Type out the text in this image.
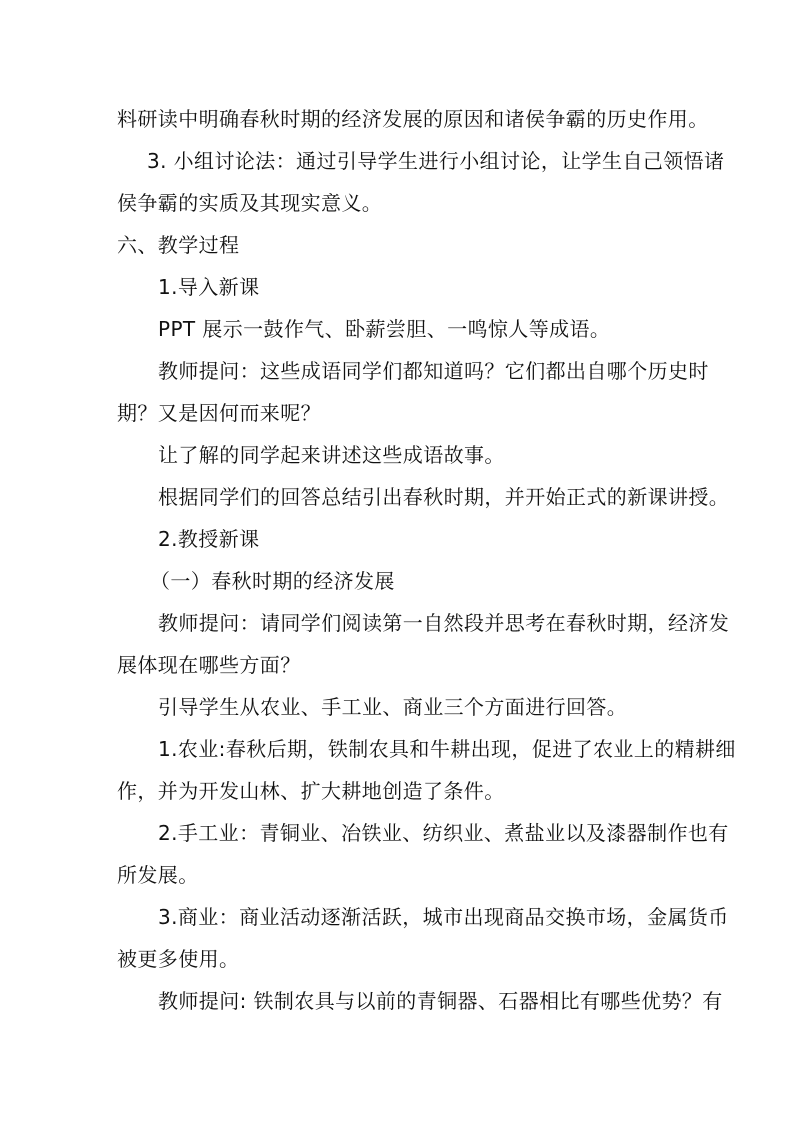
料研读中明确春秋时期的经济发展的原因和诸侯争霸的历史作用。
3. 小组讨论法：通过引导学生进行小组讨论，让学生自己领悟诸
侯争霸的实质及其现实意义。
六、教学过程
1.导入新课
PPT 展示一鼓作气、卧薪尝胆、一鸣惊人等成语。
教师提问：这些成语同学们都知道吗？它们都出自哪个历史时
期？又是因何而来呢？
让了解的同学起来讲述这些成语故事。
根据同学们的回答总结引出春秋时期，并开始正式的新课讲授。
2.教授新课
（一）春秋时期的经济发展
教师提问：请同学们阅读第一自然段并思考在春秋时期，经济发
展体现在哪些方面？
引导学生从农业、手工业、商业三个方面进行回答。
1.农业:春秋后期，铁制农具和牛耕出现，促进了农业上的精耕细
作，并为开发山林、扩大耕地创造了条件。
2.手工业：青铜业、冶铁业、纺织业、煮盐业以及漆器制作也有
所发展。
3.商业：商业活动逐渐活跃，城市出现商品交换市场，金属货币
被更多使用。
教师提问: 铁制农具与以前的青铜器、石器相比有哪些优势？有
